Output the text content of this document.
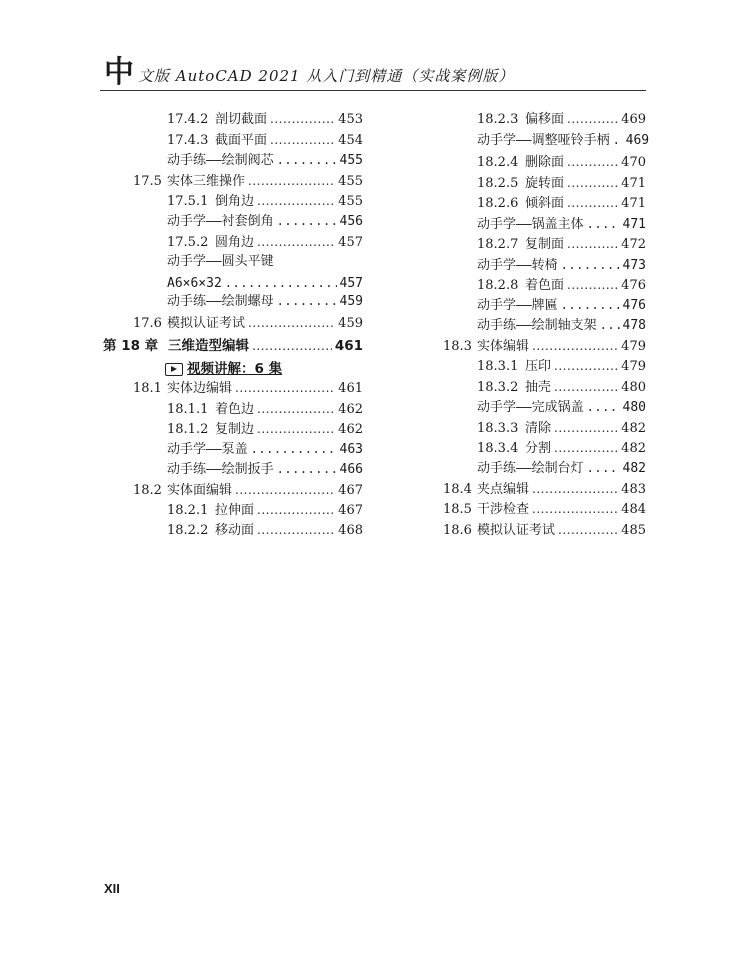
中 文版 AutoCAD 2021 从入门到精通（实战案例版）
17.4.2 剖切截面 .....	453
17.4.3 截面平面 .....	454
动手练——绘制阀芯 .....	455
17.5 实体三维操作 .....	455
17.5.1 倒角边 .....	455
动手学——衬套倒角 .....	456
17.5.2 圆角边 .....	457
动手学——圆头平键
A6×6×32 .....	457
动手练——绘制螺母 .....	459
17.6 模拟认证考试 .....	459
第 18 章 三维造型编辑 .....	461
视频讲解：6 集
18.1 实体边编辑 .....	461
18.1.1 着色边 .....	462
18.1.2 复制边 .....	462
动手学——泵盖 .....	463
动手练——绘制扳手 .....	466
18.2 实体面编辑 .....	467
18.2.1 拉伸面 .....	467
18.2.2 移动面 .....	468
18.2.3 偏移面 .....	469
动手学——调整哑铃手柄 ..... 469
18.2.4 删除面 .....	470
18.2.5 旋转面 .....	471
18.2.6 倾斜面 .....	471
动手学——锅盖主体 .....	471
18.2.7 复制面 .....	472
动手学——转椅 .....	473
18.2.8 着色面 .....	476
动手学——牌匾 .....	476
动手练——绘制轴支架 ..... 478
18.3 实体编辑 .....	479
18.3.1 压印 .....	479
18.3.2 抽壳 .....	480
动手学——完成锅盖 .....	480
18.3.3 清除 .....	482
18.3.4 分割 .....	482
动手练——绘制台灯 .....	482
18.4 夹点编辑 .....	483
18.5 干涉检查 .....	484
18.6 模拟认证考试 .....	485
XII
